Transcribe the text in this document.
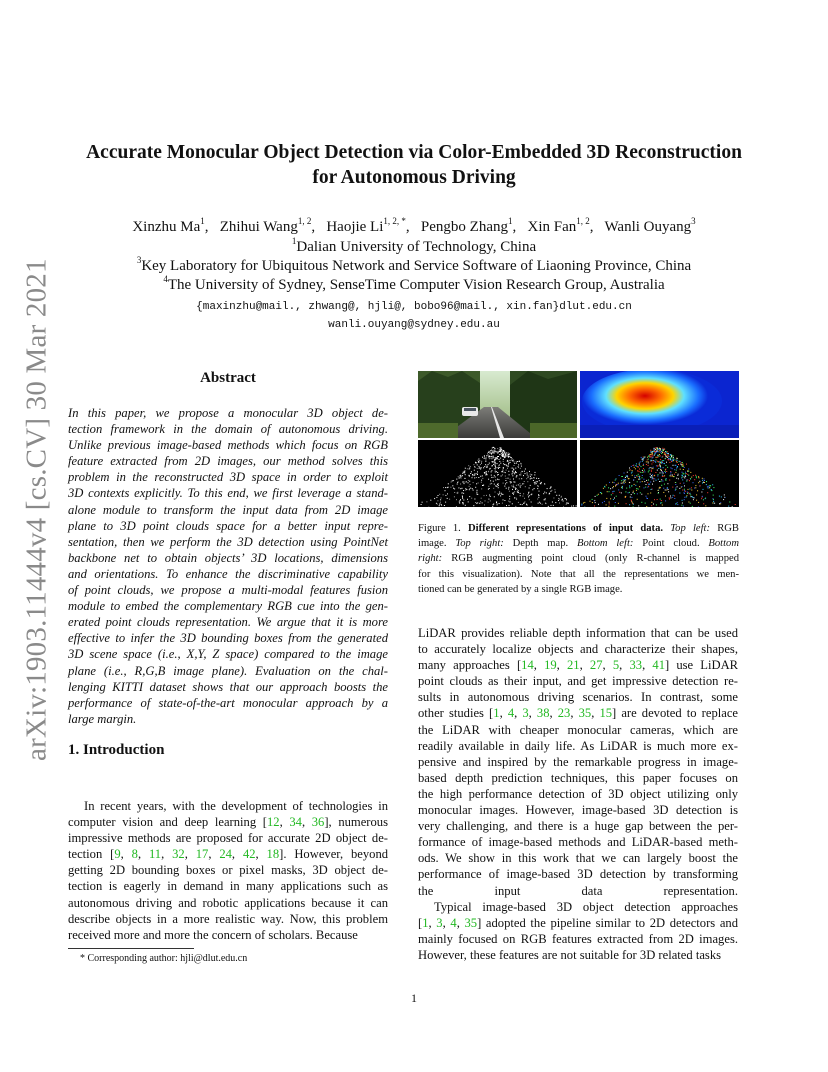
arXiv:1903.11444v4 [cs.CV] 30 Mar 2021
Accurate Monocular Object Detection via Color-Embedded 3D Reconstruction
for Autonomous Driving
Xinzhu Ma$^1$,   Zhihui Wang$^{1, 2}$,   Haojie $Li^{1, 2, *}$,   Pengbo Zhang$^1$,   Xin Fan$^{1, 2}$,   Wanli Ouyang$^3$
$^1$Dalian University of Technology, China
$^3$Key Laboratory for Ubiquitous Network and Service Software of Liaoning Province, China
$^4$The University of Sydney, SenseTime Computer Vision Research Group, Australia
{maxinzhu@mail., zhwang@, hjli@, bobo96@mail., xin.fan}dlut.edu.cn
wanli.ouyang@sydney.edu.au
Abstract
In this paper, we propose a monocular 3D object de-
tection framework in the domain of autonomous driving.
Unlike previous image-based methods which focus on RGB
feature extracted from 2D images, our method solves this
problem in the reconstructed 3D space in order to exploit
3D contexts explicitly. To this end, we first leverage a stand-
alone module to transform the input data from 2D image
plane to 3D point clouds space for a better input repre-
sentation, then we perform the 3D detection using PointNet
backbone net to obtain objects’ 3D locations, dimensions
and orientations. To enhance the discriminative capability
of point clouds, we propose a multi-modal features fusion
module to embed the complementary RGB cue into the gen-
erated point clouds representation. We argue that it is more
effective to infer the 3D bounding boxes from the generated
3D scene space (i.e., X,Y, Z space) compared to the image
plane (i.e., R,G,B image plane). Evaluation on the chal-
lenging KITTI dataset shows that our approach boosts the
performance of state-of-the-art monocular approach by a
large margin.
1. Introduction
In recent years, with the development of technologies in
computer vision and deep learning [12, 34, 36], numerous
impressive methods are proposed for accurate 2D object de-
tection [9, 8, 11, 32, 17, 24, 42, 18]. However, beyond
getting 2D bounding boxes or pixel masks, 3D object de-
tection is eagerly in demand in many applications such as
autonomous driving and robotic applications because it can
describe objects in a more realistic way. Now, this problem
received more and more the concern of scholars. Because
* Corresponding author: hjli@dlut.edu.cn
Figure 1. Different representations of input data. Top left: RGB
image. Top right: Depth map. Bottom left: Point cloud. Bottom
right: RGB augmenting point cloud (only R-channel is mapped
for this visualization). Note that all the representations we men-
tioned can be generated by a single RGB image.
LiDAR provides reliable depth information that can be used
to accurately localize objects and characterize their shapes,
many approaches [14, 19, 21, 27, 5, 33, 41] use LiDAR
point clouds as their input, and get impressive detection re-
sults in autonomous driving scenarios. In contrast, some
other studies [1, 4, 3, 38, 23, 35, 15] are devoted to replace
the LiDAR with cheaper monocular cameras, which are
readily available in daily life. As LiDAR is much more ex-
pensive and inspired by the remarkable progress in image-
based depth prediction techniques, this paper focuses on
the high performance detection of 3D object utilizing only
monocular images. However, image-based 3D detection is
very challenging, and there is a huge gap between the per-
formance of image-based methods and LiDAR-based meth-
ods. We show in this work that we can largely boost the
performance of image-based 3D detection by transforming
the input data representation.
Typical image-based 3D object detection approaches
[1, 3, 4, 35] adopted the pipeline similar to 2D detectors and
mainly focused on RGB features extracted from 2D images.
However, these features are not suitable for 3D related tasks
1
